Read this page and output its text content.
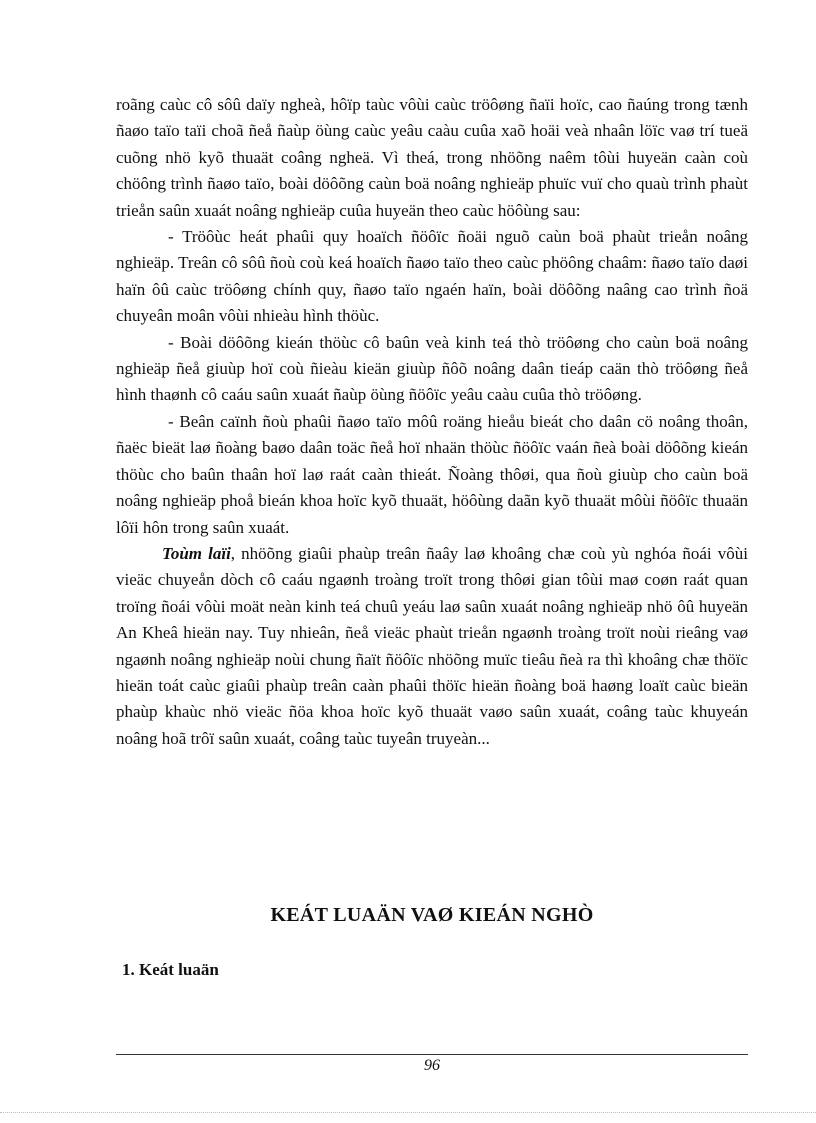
roãng caùc cô sôû daïy ngheà, hôïp taùc vôùi caùc tröôøng ñaïi hoïc, cao ñaúng trong tænh ñaøo taïo taïi choã ñeå ñaùp öùng caùc yeâu caàu cuûa xaõ hoäi veà nhaân löïc vaø trí tueä cuõng nhö kyõ thuaät coâng ngheä. Vì theá, trong nhöõng naêm tôùi huyeän caàn coù chöông trình ñaøo taïo, boài döôõng caùn boä noâng nghieäp phuïc vuï cho quaù trình phaùt trieån saûn xuaát noâng nghieäp cuûa huyeän theo caùc höôùng sau:

- Tröôùc heát phaûi quy hoaïch ñöôïc ñoäi nguõ caùn boä phaùt trieån noâng nghieäp. Treân cô sôû ñoù coù keá hoaïch ñaøo taïo theo caùc phöông chaâm: ñaøo taïo daøi haïn ôû caùc tröôøng chính quy, ñaøo taïo ngaén haïn, boài döôõng naâng cao trình ñoä chuyeân moân vôùi nhieàu hình thöùc.

- Boài döôõng kieán thöùc cô baûn veà kinh teá thò tröôøng cho caùn boä noâng nghieäp ñeå giuùp hoï coù ñieàu kieän giuùp ñôõ noâng daân tieáp caän thò tröôøng ñeå hình thaønh cô caáu saûn xuaát ñaùp öùng ñöôïc yeâu caàu cuûa thò tröôøng.

- Beân caïnh ñoù phaûi ñaøo taïo môû roäng hieåu bieát cho daân cö noâng thoân, ñaëc bieät laø ñoàng baøo daân toäc ñeå hoï nhaän thöùc ñöôïc vaán ñeà boài döôõng kieán thöùc cho baûn thaân hoï laø raát caàn thieát. Ñoàng thôøi, qua ñoù giuùp cho caùn boä noâng nghieäp phoå bieán khoa hoïc kyõ thuaät, höôùng daãn kyõ thuaät môùi ñöôïc thuaän lôïi hôn trong saûn xuaát.

Toùm laïi, nhöõng giaûi phaùp treân ñaây laø khoâng chæ coù yù nghóa ñoái vôùi vieäc chuyeån dòch cô caáu ngaønh troàng troït trong thôøi gian tôùi maø coøn raát quan troïng ñoái vôùi moät neàn kinh teá chuû yeáu laø saûn xuaát noâng nghieäp nhö ôû huyeän An Kheâ hieän nay. Tuy nhieân, ñeå vieäc phaùt trieån ngaønh troàng troït noùi rieâng vaø ngaønh noâng nghieäp noùi chung ñaït ñöôïc nhöõng muïc tieâu ñeà ra thì khoâng chæ thöïc hieän toát caùc giaûi phaùp treân caàn phaûi thöïc hieän ñoàng boä haøng loaït caùc bieän phaùp khaùc nhö vieäc ñöa khoa hoïc kyõ thuaät vaøo saûn xuaát, coâng taùc khuyeán noâng hoã trôï saûn xuaát, coâng taùc tuyeân truyeàn...

KEÁT LUAÄN VAØ KIEÁN NGHÒ
1. Keát luaän
96
